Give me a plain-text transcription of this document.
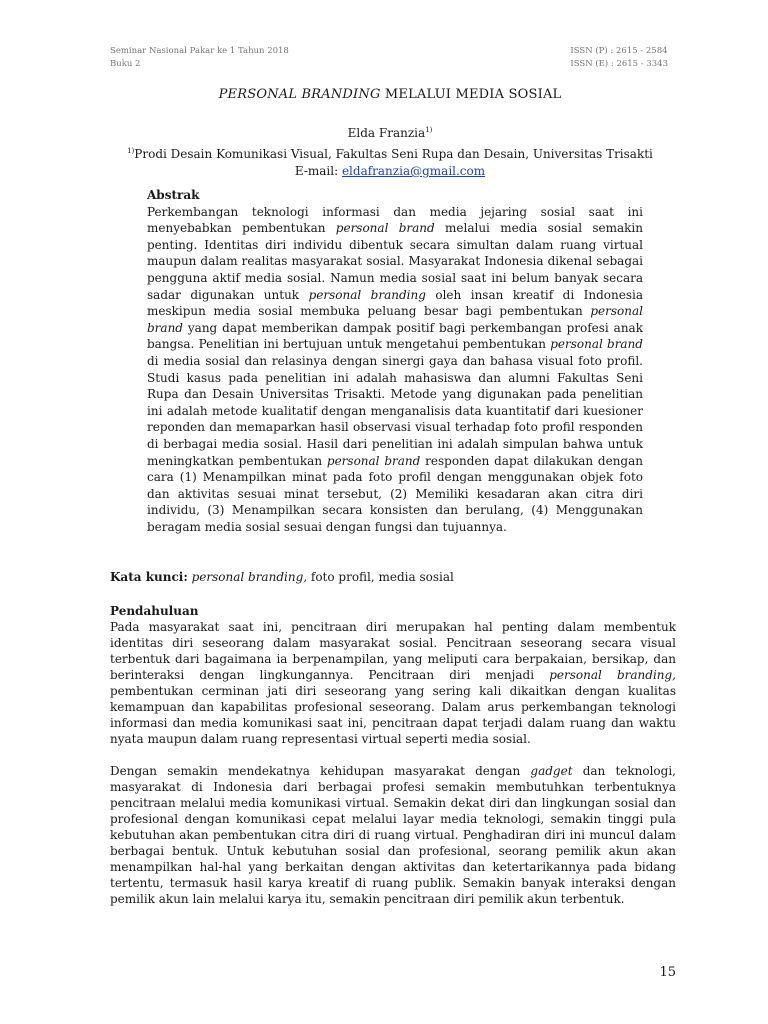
Seminar Nasional Pakar ke 1 Tahun 2018
Buku 2
ISSN (P) : 2615 - 2584
ISSN (E) : 2615 - 3343
PERSONAL BRANDING MELALUI MEDIA SOSIAL
Elda Franzia$^{1)}$
$^{1)}$Prodi Desain Komunikasi Visual, Fakultas Seni Rupa dan Desain, Universitas Trisakti
E-mail: eldafranzia@gmail.com
Abstrak

Perkembangan teknologi informasi dan media jejaring sosial saat ini menyebabkan pembentukan personal brand melalui media sosial semakin penting. Identitas diri individu dibentuk secara simultan dalam ruang virtual maupun dalam realitas masyarakat sosial. Masyarakat Indonesia dikenal sebagai pengguna aktif media sosial. Namun media sosial saat ini belum banyak secara sadar digunakan untuk personal branding oleh insan kreatif di Indonesia meskipun media sosial membuka peluang besar bagi pembentukan personal brand yang dapat memberikan dampak positif bagi perkembangan profesi anak bangsa. Penelitian ini bertujuan untuk mengetahui pembentukan personal brand di media sosial dan relasinya dengan sinergi gaya dan bahasa visual foto profil. Studi kasus pada penelitian ini adalah mahasiswa dan alumni Fakultas Seni Rupa dan Desain Universitas Trisakti. Metode yang digunakan pada penelitian ini adalah metode kualitatif dengan menganalisis data kuantitatif dari kuesioner reponden dan memaparkan hasil observasi visual terhadap foto profil responden di berbagai media sosial. Hasil dari penelitian ini adalah simpulan bahwa untuk meningkatkan pembentukan personal brand responden dapat dilakukan dengan cara (1) Menampilkan minat pada foto profil dengan menggunakan objek foto dan aktivitas sesuai minat tersebut, (2) Memiliki kesadaran akan citra diri individu, (3) Menampilkan secara konsisten dan berulang, (4) Menggunakan beragam media sosial sesuai dengan fungsi dan tujuannya.

Kata kunci: personal branding, foto profil, media sosial
Pendahuluan

Pada masyarakat saat ini, pencitraan diri merupakan hal penting dalam membentuk identitas diri seseorang dalam masyarakat sosial. Pencitraan seseorang secara visual terbentuk dari bagaimana ia berpenampilan, yang meliputi cara berpakaian, bersikap, dan berinteraksi dengan lingkungannya. Pencitraan diri menjadi personal branding, pembentukan cerminan jati diri seseorang yang sering kali dikaitkan dengan kualitas kemampuan dan kapabilitas profesional seseorang. Dalam arus perkembangan teknologi informasi dan media komunikasi saat ini, pencitraan dapat terjadi dalam ruang dan waktu nyata maupun dalam ruang representasi virtual seperti media sosial.

Dengan semakin mendekatnya kehidupan masyarakat dengan gadget dan teknologi, masyarakat di Indonesia dari berbagai profesi semakin membutuhkan terbentuknya pencitraan melalui media komunikasi virtual. Semakin dekat diri dan lingkungan sosial dan profesional dengan komunikasi cepat melalui layar media teknologi, semakin tinggi pula kebutuhan akan pembentukan citra diri di ruang virtual. Penghadiran diri ini muncul dalam berbagai bentuk. Untuk kebutuhan sosial dan profesional, seorang pemilik akun akan menampilkan hal-hal yang berkaitan dengan aktivitas dan ketertarikannya pada bidang tertentu, termasuk hasil karya kreatif di ruang publik. Semakin banyak interaksi dengan pemilik akun lain melalui karya itu, semakin pencitraan diri pemilik akun terbentuk.

15
